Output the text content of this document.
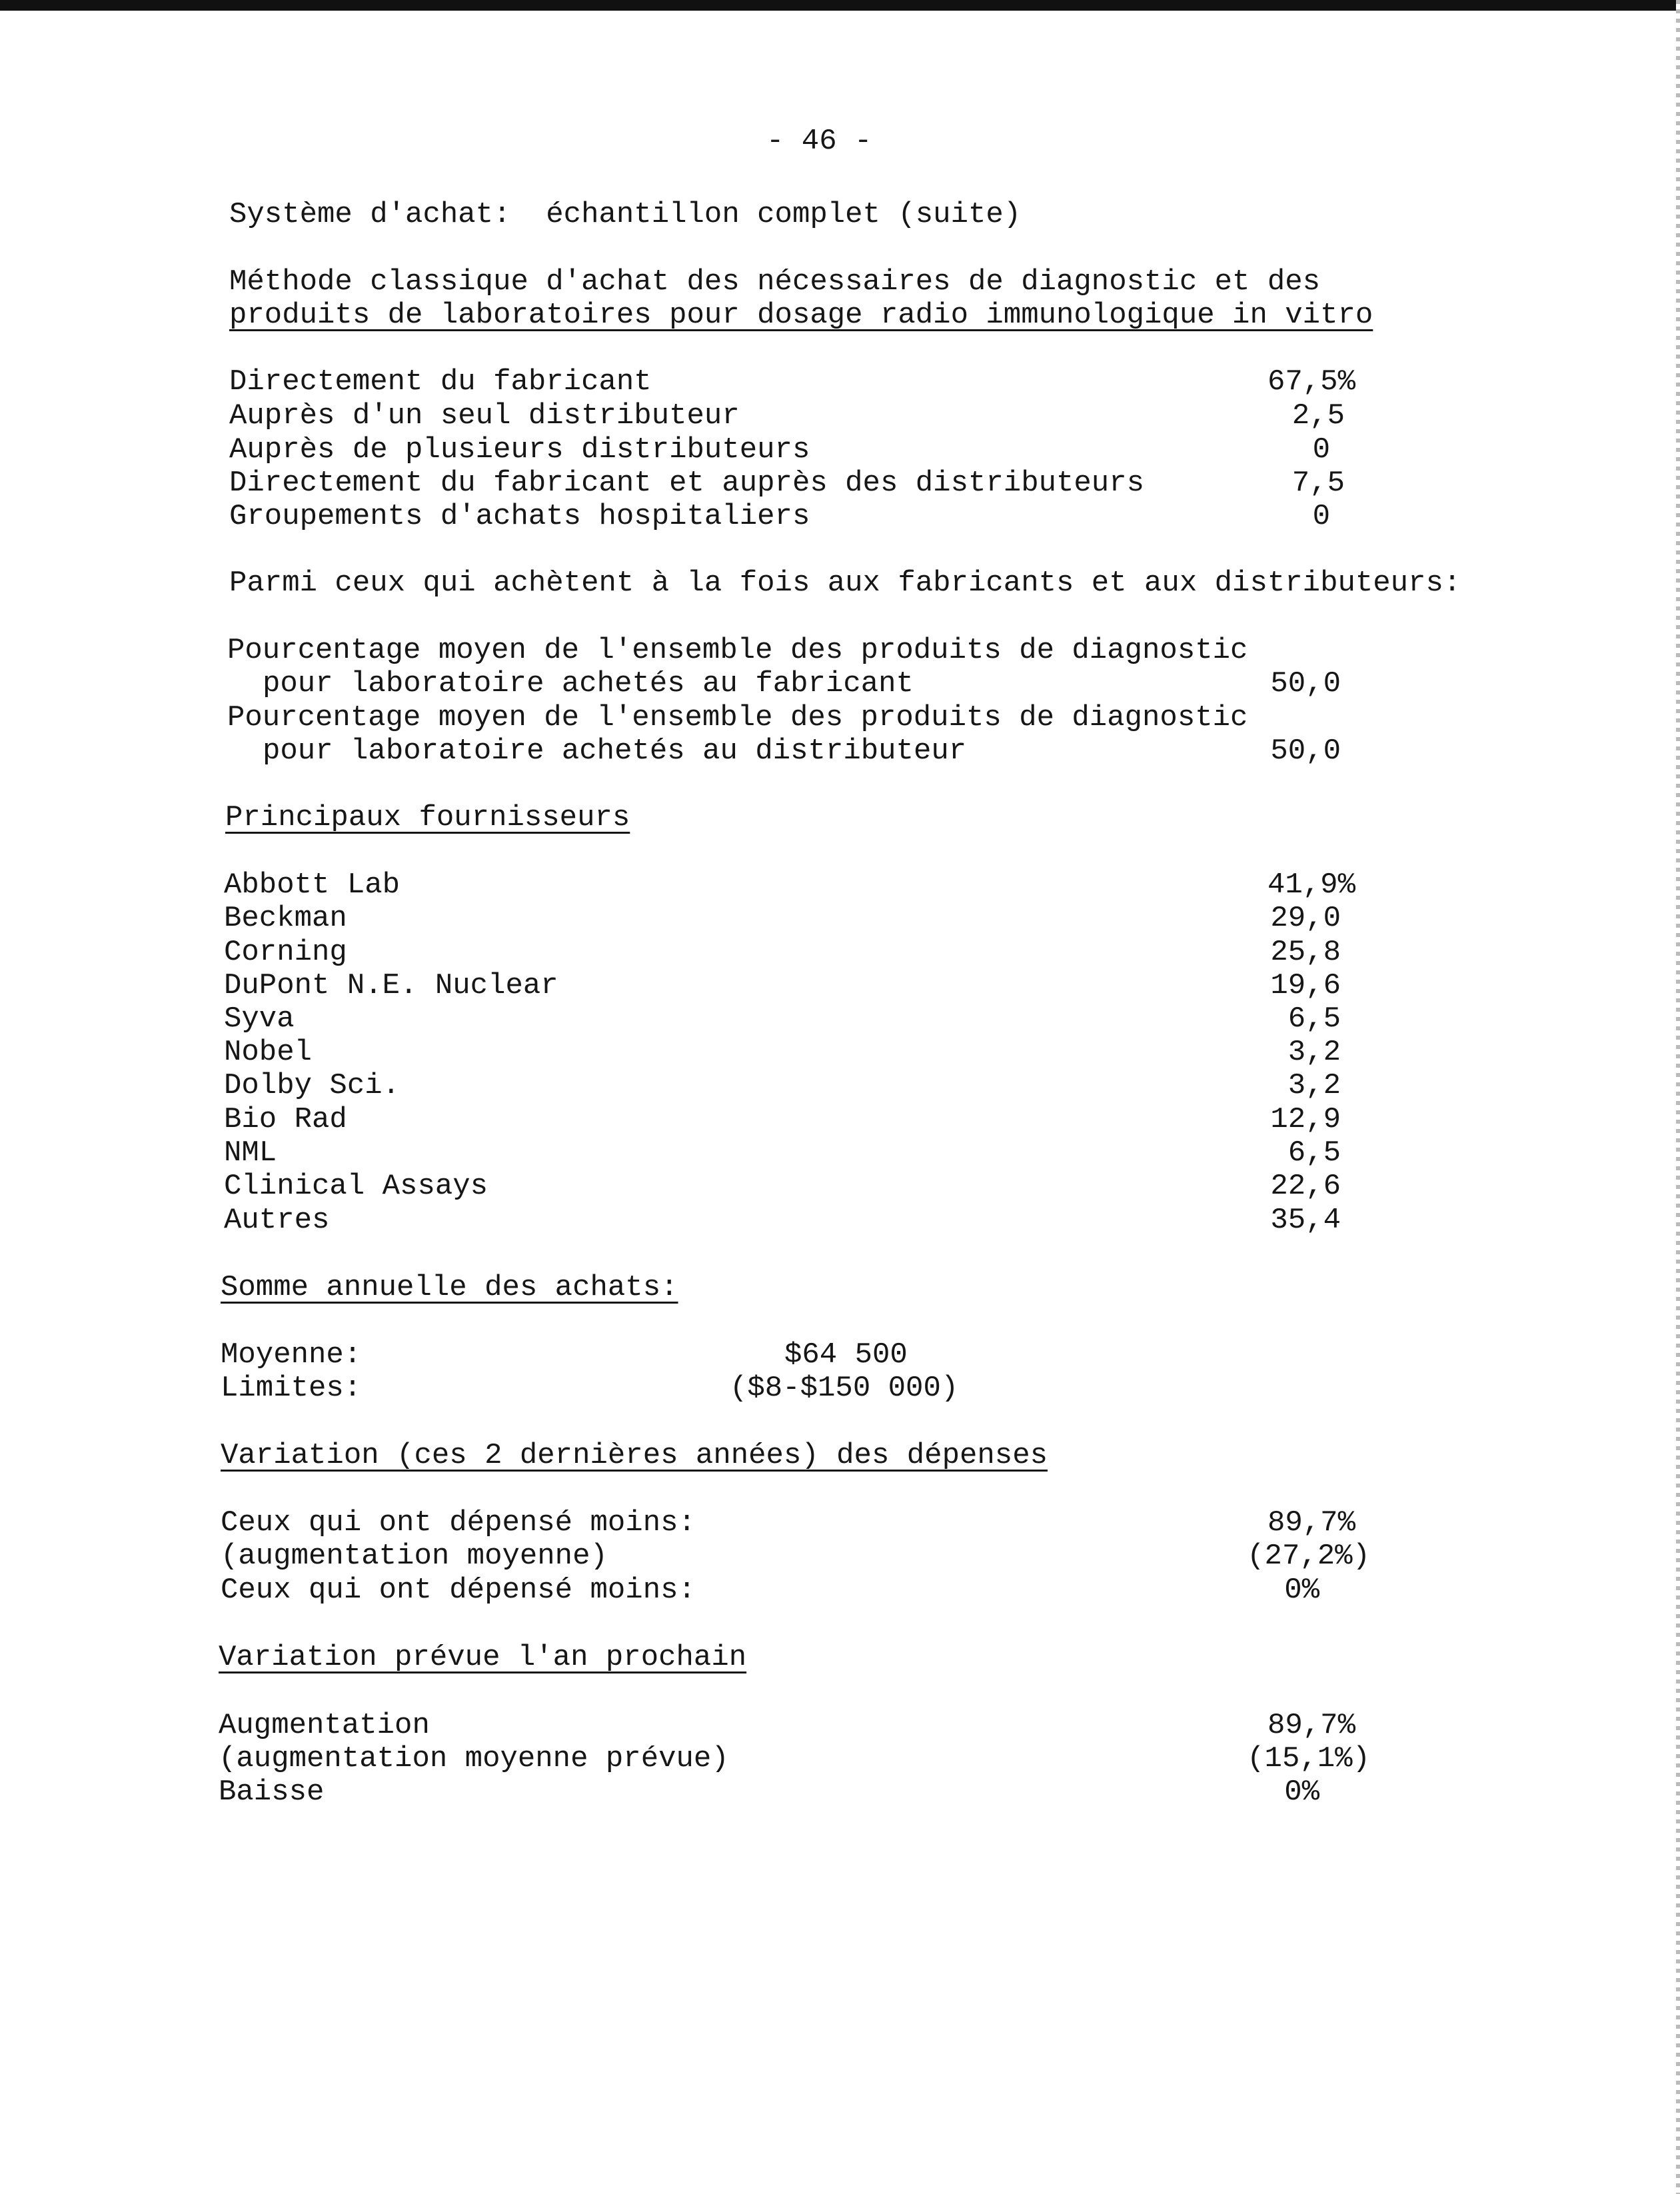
- 46 -
Système d'achat:  échantillon complet (suite)
Méthode classique d'achat des nécessaires de diagnostic et des
produits de laboratoires pour dosage radio immunologique in vitro
Directement du fabricant	67,5%
Auprès d'un seul distributeur	2,5
Auprès de plusieurs distributeurs	0
Directement du fabricant et auprès des distributeurs	7,5
Groupements d'achats hospitaliers	0
Parmi ceux qui achètent à la fois aux fabricants et aux distributeurs:
Pourcentage moyen de l'ensemble des produits de diagnostic
pour laboratoire achetés au fabricant	50,0
Pourcentage moyen de l'ensemble des produits de diagnostic
pour laboratoire achetés au distributeur	50,0
Principaux fournisseurs
Abbott Lab	41,9%
Beckman	29,0
Corning	25,8
DuPont N.E. Nuclear	19,6
Syva	6,5
Nobel	3,2
Dolby Sci.	3,2
Bio Rad	12,9
NML	6,5
Clinical Assays	22,6
Autres	35,4
Somme annuelle des achats:
Moyenne:	$64 500
Limites:	($8-$150 000)
Variation (ces 2 dernières années) des dépenses
Ceux qui ont dépensé moins:	89,7%
(augmentation moyenne)	(27,2%)
Ceux qui ont dépensé moins:	0%
Variation prévue l'an prochain
Augmentation	89,7%
(augmentation moyenne prévue)	(15,1%)
Baisse	0%
